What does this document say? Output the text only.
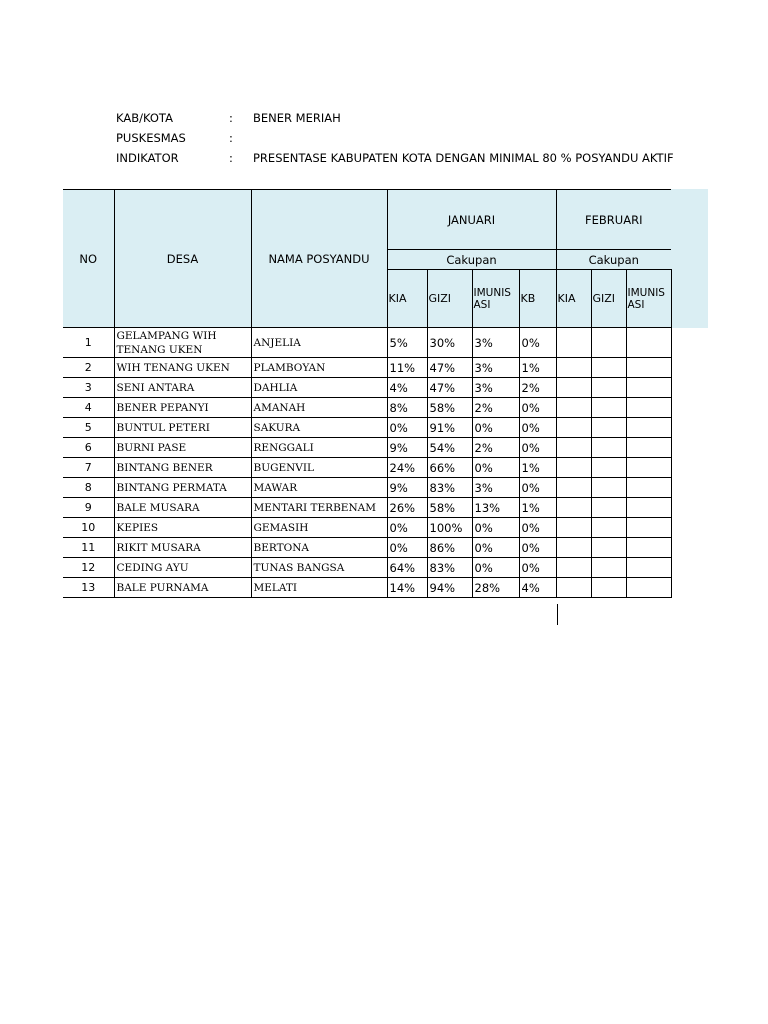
KAB/KOTA	: BENER MERIAH
PUSKESMAS	:
INDIKATOR	: PRESENTASE KABUPATEN KOTA DENGAN MINIMAL 80 % POSYANDU AKTIF
NO	DESA	NAMA POSYANDU	JANUARI				FEBRUARI		
			Cakupan				Cakupan		
			KIA	GIZI	IMUNIS ASI	KB	KIA	GIZI	IMUNIS ASI
1	GELAMPANG WIH TENANG UKEN	ANJELIA	5%	30%	3%	0%			
2	WIH TENANG UKEN	PLAMBOYAN	11%	47%	3%	1%			
3	SENI ANTARA	DAHLIA	4%	47%	3%	2%			
4	BENER PEPANYI	AMANAH	8%	58%	2%	0%			
5	BUNTUL PETERI	SAKURA	0%	91%	0%	0%			
6	BURNI PASE	RENGGALI	9%	54%	2%	0%			
7	BINTANG BENER	BUGENVIL	24%	66%	0%	1%			
8	BINTANG PERMATA	MAWAR	9%	83%	3%	0%			
9	BALE MUSARA	MENTARI TERBENAM	26%	58%	13%	1%			
10	KEPIES	GEMASIH	0%	100%	0%	0%			
11	RIKIT MUSARA	BERTONA	0%	86%	0%	0%			
12	CEDING AYU	TUNAS BANGSA	64%	83%	0%	0%			
13	BALE PURNAMA	MELATI	14%	94%	28%	4%			
